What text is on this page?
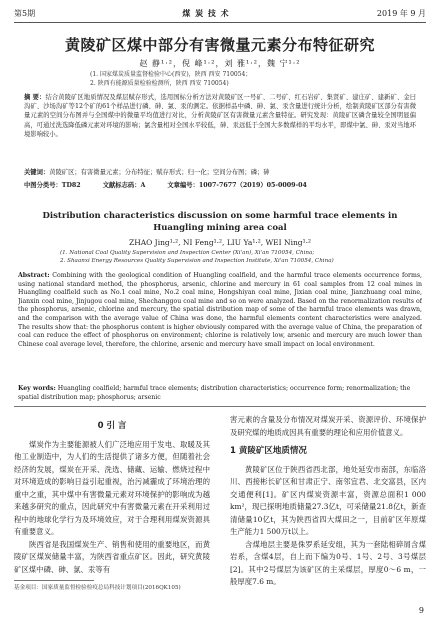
第5期	煤 炭 技 术	2019 年 9 月
黄陵矿区煤中部分有害微量元素分布特征研究
赵 静¹·²，倪 峰¹·²，刘 雅¹·²，魏 宁¹·²
(1. 国家煤炭质量监督检验中心(西安)，陕西 西安 710054；
2. 陕西有能源质量检验检测所，陕西 西安 710054)
摘 要：结合黄陵矿区地质情况及煤层赋存形式，选用国标分析方法对黄陵矿区一号矿、二号矿、红石岩矿、集贤矿、建庄矿、建新矿、金曰沟矿、沙场沟矿等12个矿的61个样品进行磷、砷、氯、汞的测定。依据样品中磷、砷、氯、汞含量进行统计分析，绘制黄陵矿区部分有害微量元素的空间分布图并与全国煤中的微量平均值进行对比，分析黄陵矿区有害微量元素含量特征。研究发现：黄陵矿区磷含量较全国明显偏高，可通过洗选降低磷元素对环境的影响；氯含量相对全国水平较低，砷、汞远低于全国大多数煤样的平均水平，即煤中氯、砷、汞对当地环境影响较小。
关键词：黄陵矿区；有害微量元素；分布特征；赋存形式；归一化；空间分布图；磷；砷
中图分类号：TD82	文献标志码：A	文章编号：1007-7677（2019）05-0009-04
Distribution characteristics discussion on some harmful trace elements in Huangling mining area coal
ZHAO Jing¹·², NI Feng¹·², LIU Ya¹·², WEI Ning¹·²
(1. National Coal Quality Supervision and Inspection Center (Xi'an), Xi'an 710054, China;
2. Shaanxi Energy Resources Quality Supervision and Inspection Institute, Xi'an 710054, China)
Abstract: Combining with the geological condition of Huangling coalfield, and the harmful trace elements occurrence forms, using national standard method, the phosphorus, arsenic, chlorine and mercury in 61 coal samples from 12 coal mines in Huangling coalfield such as No.1 coal mine, No.2 coal mine, Hongshiyan coal mine, Jixian coal mine, Jianzhuang coal mine, Jianxin coal mine, Jinjugou coal mine, Shechanggou coal mine and so on were analyzed. Based on the renormalization results of the phosphorus, arsenic, chlorine and mercury, the spatial distribution map of some of the harmful trace elements was drawn, and the comparison with the average value of China was done, the harmful elements content characteristics were analyzed. The results show that: the phosphorus content is higher obviously compared with the average value of China, the preparation of coal can reduce the effect of phosphorus on environment; chlorine is relatively low, arsenic and mercury are much lower than Chinese coal average level, therefore, the chlorine, arsenic and mercury have small impact on local environment.
Key words: Huangling coalfield; harmful trace elements; distribution characteristics; occurrence form; renormalization; the spatial distribution map; phosphorus; arsenic
0 引 言

煤炭作为主要能源被人们广泛地应用于发电、取暖及其他工业制造中，为人们的生活提供了诸多方便，但随着社会经济的发展，煤炭在开采、洗选、储藏、运输、燃烧过程中对环境造成的影响日益引起重视，治污减霾成了环境治理的重中之重，其中煤中有害微量元素对环境保护的影响成为越来越多研究的重点，因此研究中有害微量元素在开采利用过程中的地球化学行为及环境效应，对于合理利用煤炭资源具有重要意义。

陕西省是我国煤炭生产、销售和使用的重要地区，而黄陵矿区煤炭储量丰富，为陕西省重点矿区。因此，研究黄陵矿区煤中磷、砷、氯、汞等有

害元素的含量及分布情况对煤炭开采、资源评价、环境保护及研究煤的地质成因具有重要的理论和应用价值意义。

1 黄陵矿区地质情况

黄陵矿区位于陕西省西北部，地处延安市南部，东临洛川、西接彬长矿区和甘肃正宁、南邻宜君、北交富县，区内交通便利[1]。矿区内煤炭资源丰富，资源总面积1 000 km²，现已探明地质储量27.3亿t，可采储量21.8亿t，新查清储量10亿t，其为陕西省四大煤田之一，目前矿区年原煤生产能力1 500万t以上。

含煤地层主要是侏罗系延安组，其为一套陆相碎屑含煤岩系，含煤4层，自上而下编为0号、1号、2号、3号煤层[2]。其中2号煤层为该矿区的主采煤层，厚度0～6 m，一般厚度7.6 m。

基金项目：国家质量监督检验检疫总局科技计划项目(2016QK105)
9
